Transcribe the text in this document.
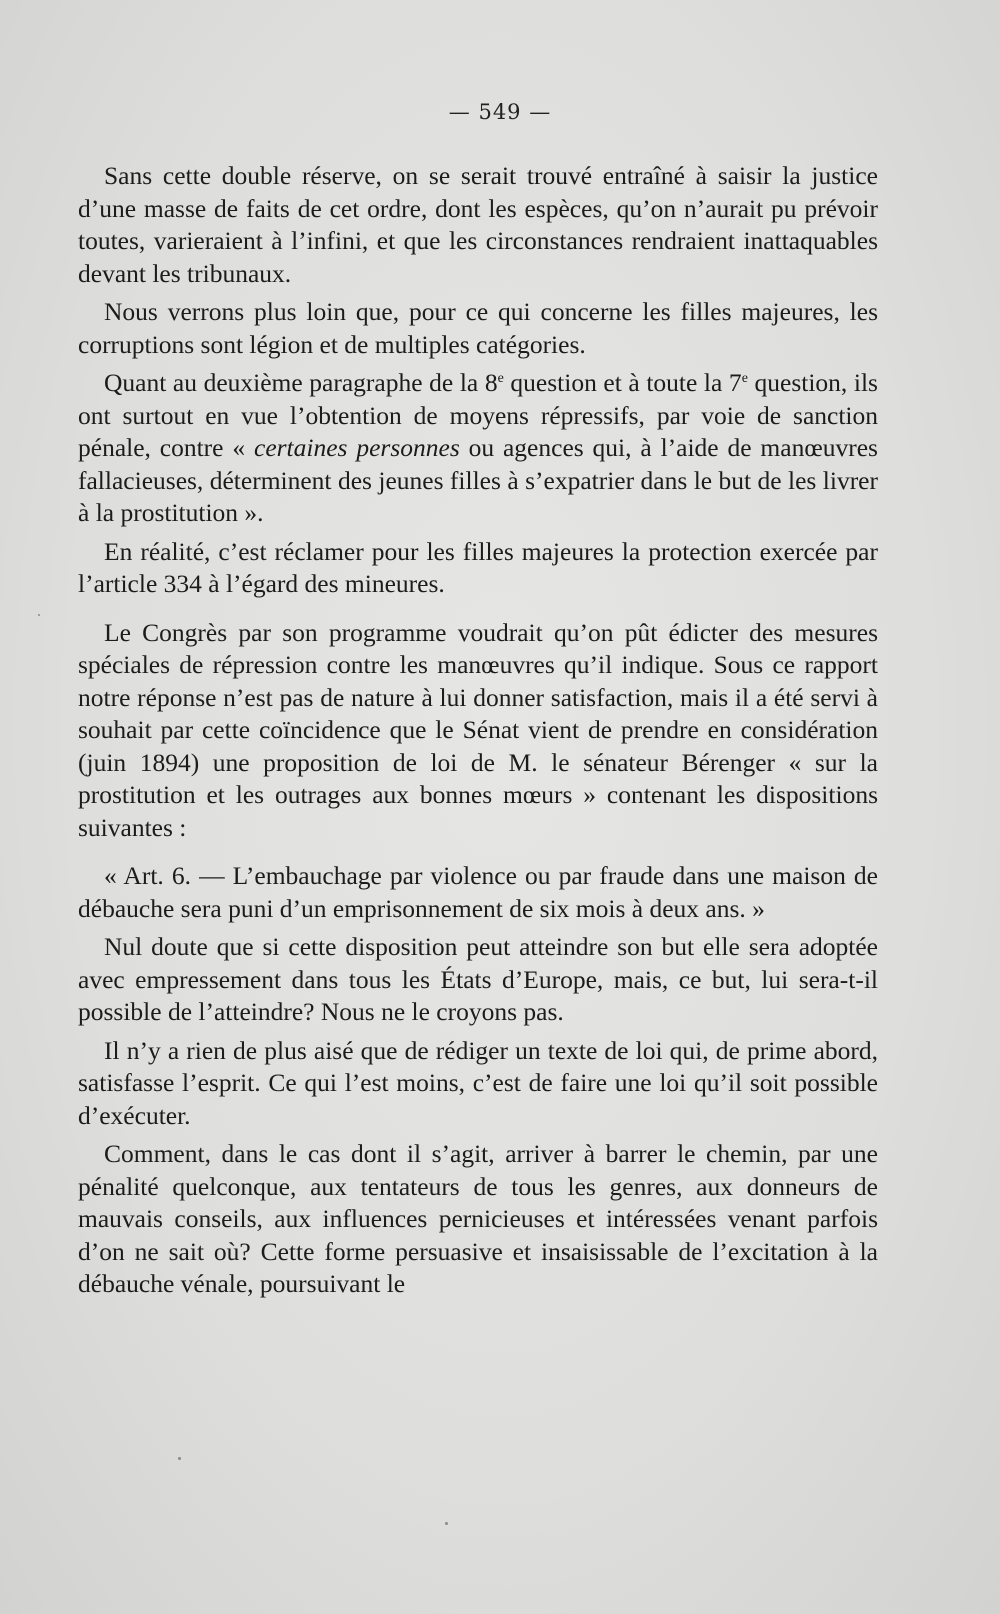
— 549 —

Sans cette double réserve, on se serait trouvé entraîné à saisir la justice d’une masse de faits de cet ordre, dont les espèces, qu’on n’aurait pu prévoir toutes, varieraient à l’infini, et que les circonstances rendraient inattaquables devant les tribunaux.

Nous verrons plus loin que, pour ce qui concerne les filles majeures, les corruptions sont légion et de multiples catégories.

Quant au deuxième paragraphe de la 8e question et à toute la 7e question, ils ont surtout en vue l’obtention de moyens répressifs, par voie de sanction pénale, contre « certaines personnes ou agences qui, à l’aide de manœuvres fallacieuses, déterminent des jeunes filles à s’expatrier dans le but de les livrer à la prostitution ».

En réalité, c’est réclamer pour les filles majeures la protection exercée par l’article 334 à l’égard des mineures.

Le Congrès par son programme voudrait qu’on pût édicter des mesures spéciales de répression contre les manœuvres qu’il indique. Sous ce rapport notre réponse n’est pas de nature à lui donner satisfaction, mais il a été servi à souhait par cette coïncidence que le Sénat vient de prendre en considération (juin 1894) une proposition de loi de M. le sénateur Bérenger « sur la prostitution et les outrages aux bonnes mœurs » contenant les dispositions suivantes :

« Art. 6. — L’embauchage par violence ou par fraude dans une maison de débauche sera puni d’un emprisonnement de six mois à deux ans. »

Nul doute que si cette disposition peut atteindre son but elle sera adoptée avec empressement dans tous les États d’Europe, mais, ce but, lui sera-t-il possible de l’atteindre? Nous ne le croyons pas.

Il n’y a rien de plus aisé que de rédiger un texte de loi qui, de prime abord, satisfasse l’esprit. Ce qui l’est moins, c’est de faire une loi qu’il soit possible d’exécuter.

Comment, dans le cas dont il s’agit, arriver à barrer le chemin, par une pénalité quelconque, aux tentateurs de tous les genres, aux donneurs de mauvais conseils, aux influences pernicieuses et intéressées venant parfois d’on ne sait où? Cette forme persuasive et insaisissable de l’excitation à la débauche vénale, poursuivant le
